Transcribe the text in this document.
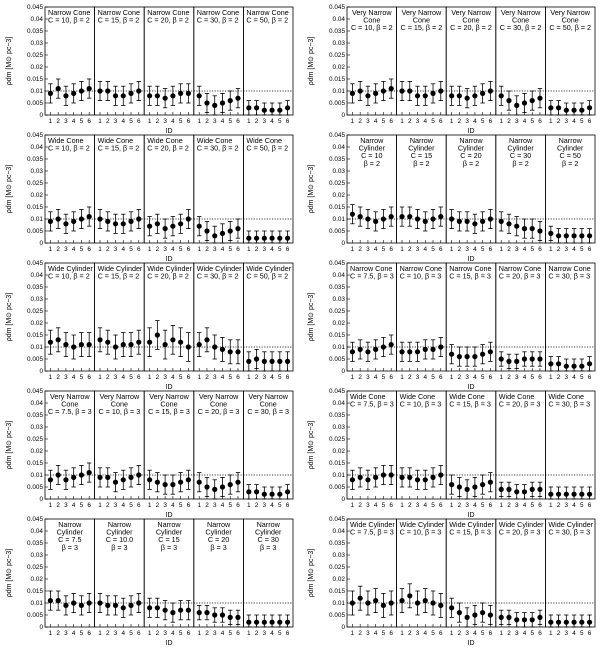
0
0.005
0.01
0.015
0.02
0.025
0.03
0.035
0.04
0.045
ρdm [M⊙ pc−3]
ID
Narrow Cone
C = 10, β = 2
1 2 3 4 5 6
Narrow Cone
C = 15, β = 2
1 2 3 4 5 6
Narrow Cone
C = 20, β = 2
1 2 3 4 5 6
Narrow Cone
C = 30, β = 2
1 2 3 4 5 6
Narrow Cone
C = 50, β = 2
1 2 3 4 5 6
0
0.005
0.01
0.015
0.02
0.025
0.03
0.035
0.04
0.045
ρdm [M⊙ pc−3]
ID
Very Narrow
Cone
C = 10, β = 2
1 2 3 4 5 6
Very Narrow
Cone
C = 15, β = 2
1 2 3 4 5 6
Very Narrow
Cone
C = 20, β = 2
1 2 3 4 5 6
Very Narrow
Cone
C = 30, β = 2
1 2 3 4 5 6
Very Narrow
Cone
C = 50, β = 2
1 2 3 4 5 6
0
0.005
0.01
0.015
0.02
0.025
0.03
0.035
0.04
0.045
ρdm [M⊙ pc−3]
ID
Wide Cone
C = 10, β = 2
1 2 3 4 5 6
Wide Cone
C = 15, β = 2
1 2 3 4 5 6
Wide Cone
C = 20, β = 2
1 2 3 4 5 6
Wide Cone
C = 30, β = 2
1 2 3 4 5 6
Wide Cone
C = 50, β = 2
1 2 3 4 5 6
0
0.005
0.01
0.015
0.02
0.025
0.03
0.035
0.04
0.045
ρdm [M⊙ pc−3]
ID
Narrow
Cylinder
C = 10
β = 2
1 2 3 4 5 6
Narrow
Cylinder
C = 15
β = 2
1 2 3 4 5 6
Narrow
Cylinder
C = 20
β = 2
1 2 3 4 5 6
Narrow
Cylinder
C = 30
β = 2
1 2 3 4 5 6
Narrow
Cylinder
C = 50
β = 2
1 2 3 4 5 6
0
0.005
0.01
0.015
0.02
0.025
0.03
0.035
0.04
0.045
ρdm [M⊙ pc−3]
ID
Wide Cylinder
C = 10, β = 2
1 2 3 4 5 6
Wide Cylinder
C = 15, β = 2
1 2 3 4 5 6
Wide Cylinder
C = 20, β = 2
1 2 3 4 5 6
Wide Cylinder
C = 30, β = 2
1 2 3 4 5 6
Wide Cylinder
C = 50, β = 2
1 2 3 4 5 6
0
0.005
0.01
0.015
0.02
0.025
0.03
0.035
0.04
0.045
ρdm [M⊙ pc−3]
ID
Narrow Cone
C = 7.5, β = 3
1 2 3 4 5 6
Narrow Cone
C = 10, β = 3
1 2 3 4 5 6
Narrow Cone
C = 15, β = 3
1 2 3 4 5 6
Narrow Cone
C = 20, β = 3
1 2 3 4 5 6
Narrow Cone
C = 30, β = 3
1 2 3 4 5 6
0
0.005
0.01
0.015
0.02
0.025
0.03
0.035
0.04
0.045
ρdm [M⊙ pc−3]
ID
Very Narrow
Cone
C = 7.5, β = 3
1 2 3 4 5 6
Very Narrow
Cone
C = 10, β = 3
1 2 3 4 5 6
Very Narrow
Cone
C = 15, β = 3
1 2 3 4 5 6
Very Narrow
Cone
C = 20, β = 3
1 2 3 4 5 6
Very Narrow
Cone
C = 30, β = 3
1 2 3 4 5 6
0
0.005
0.01
0.015
0.02
0.025
0.03
0.035
0.04
0.045
ρdm [M⊙ pc−3]
ID
Wide Cone
C = 7.5, β = 3
1 2 3 4 5 6
Wide Cone
C = 10, β = 3
1 2 3 4 5 6
Wide Cone
C = 15, β = 3
1 2 3 4 5 6
Wide Cone
C = 20, β = 3
1 2 3 4 5 6
Wide Cone
C = 30, β = 3
1 2 3 4 5 6
0
0.005
0.01
0.015
0.02
0.025
0.03
0.035
0.04
0.045
ρdm [M⊙ pc−3]
ID
Narrow
Cylinder
C = 7.5
β = 3
1 2 3 4 5 6
Narrow
Cylinder
C = 10.0
β = 3
1 2 3 4 5 6
Narrow
Cylinder
C = 15
β = 3
1 2 3 4 5 6
Narrow
Cylinder
C = 20
β = 3
1 2 3 4 5 6
Narrow
Cylinder
C = 30
β = 3
1 2 3 4 5 6
0
0.005
0.01
0.015
0.02
0.025
0.03
0.035
0.04
0.045
ρdm [M⊙ pc−3]
ID
Wide Cylinder
C = 7.5, β = 3
1 2 3 4 5 6
Wide Cylinder
C = 10, β = 3
1 2 3 4 5 6
Wide Cylinder
C = 15, β = 3
1 2 3 4 5 6
Wide Cylinder
C = 20, β = 3
1 2 3 4 5 6
Wide Cylinder
C = 30, β = 3
1 2 3 4 5 6
